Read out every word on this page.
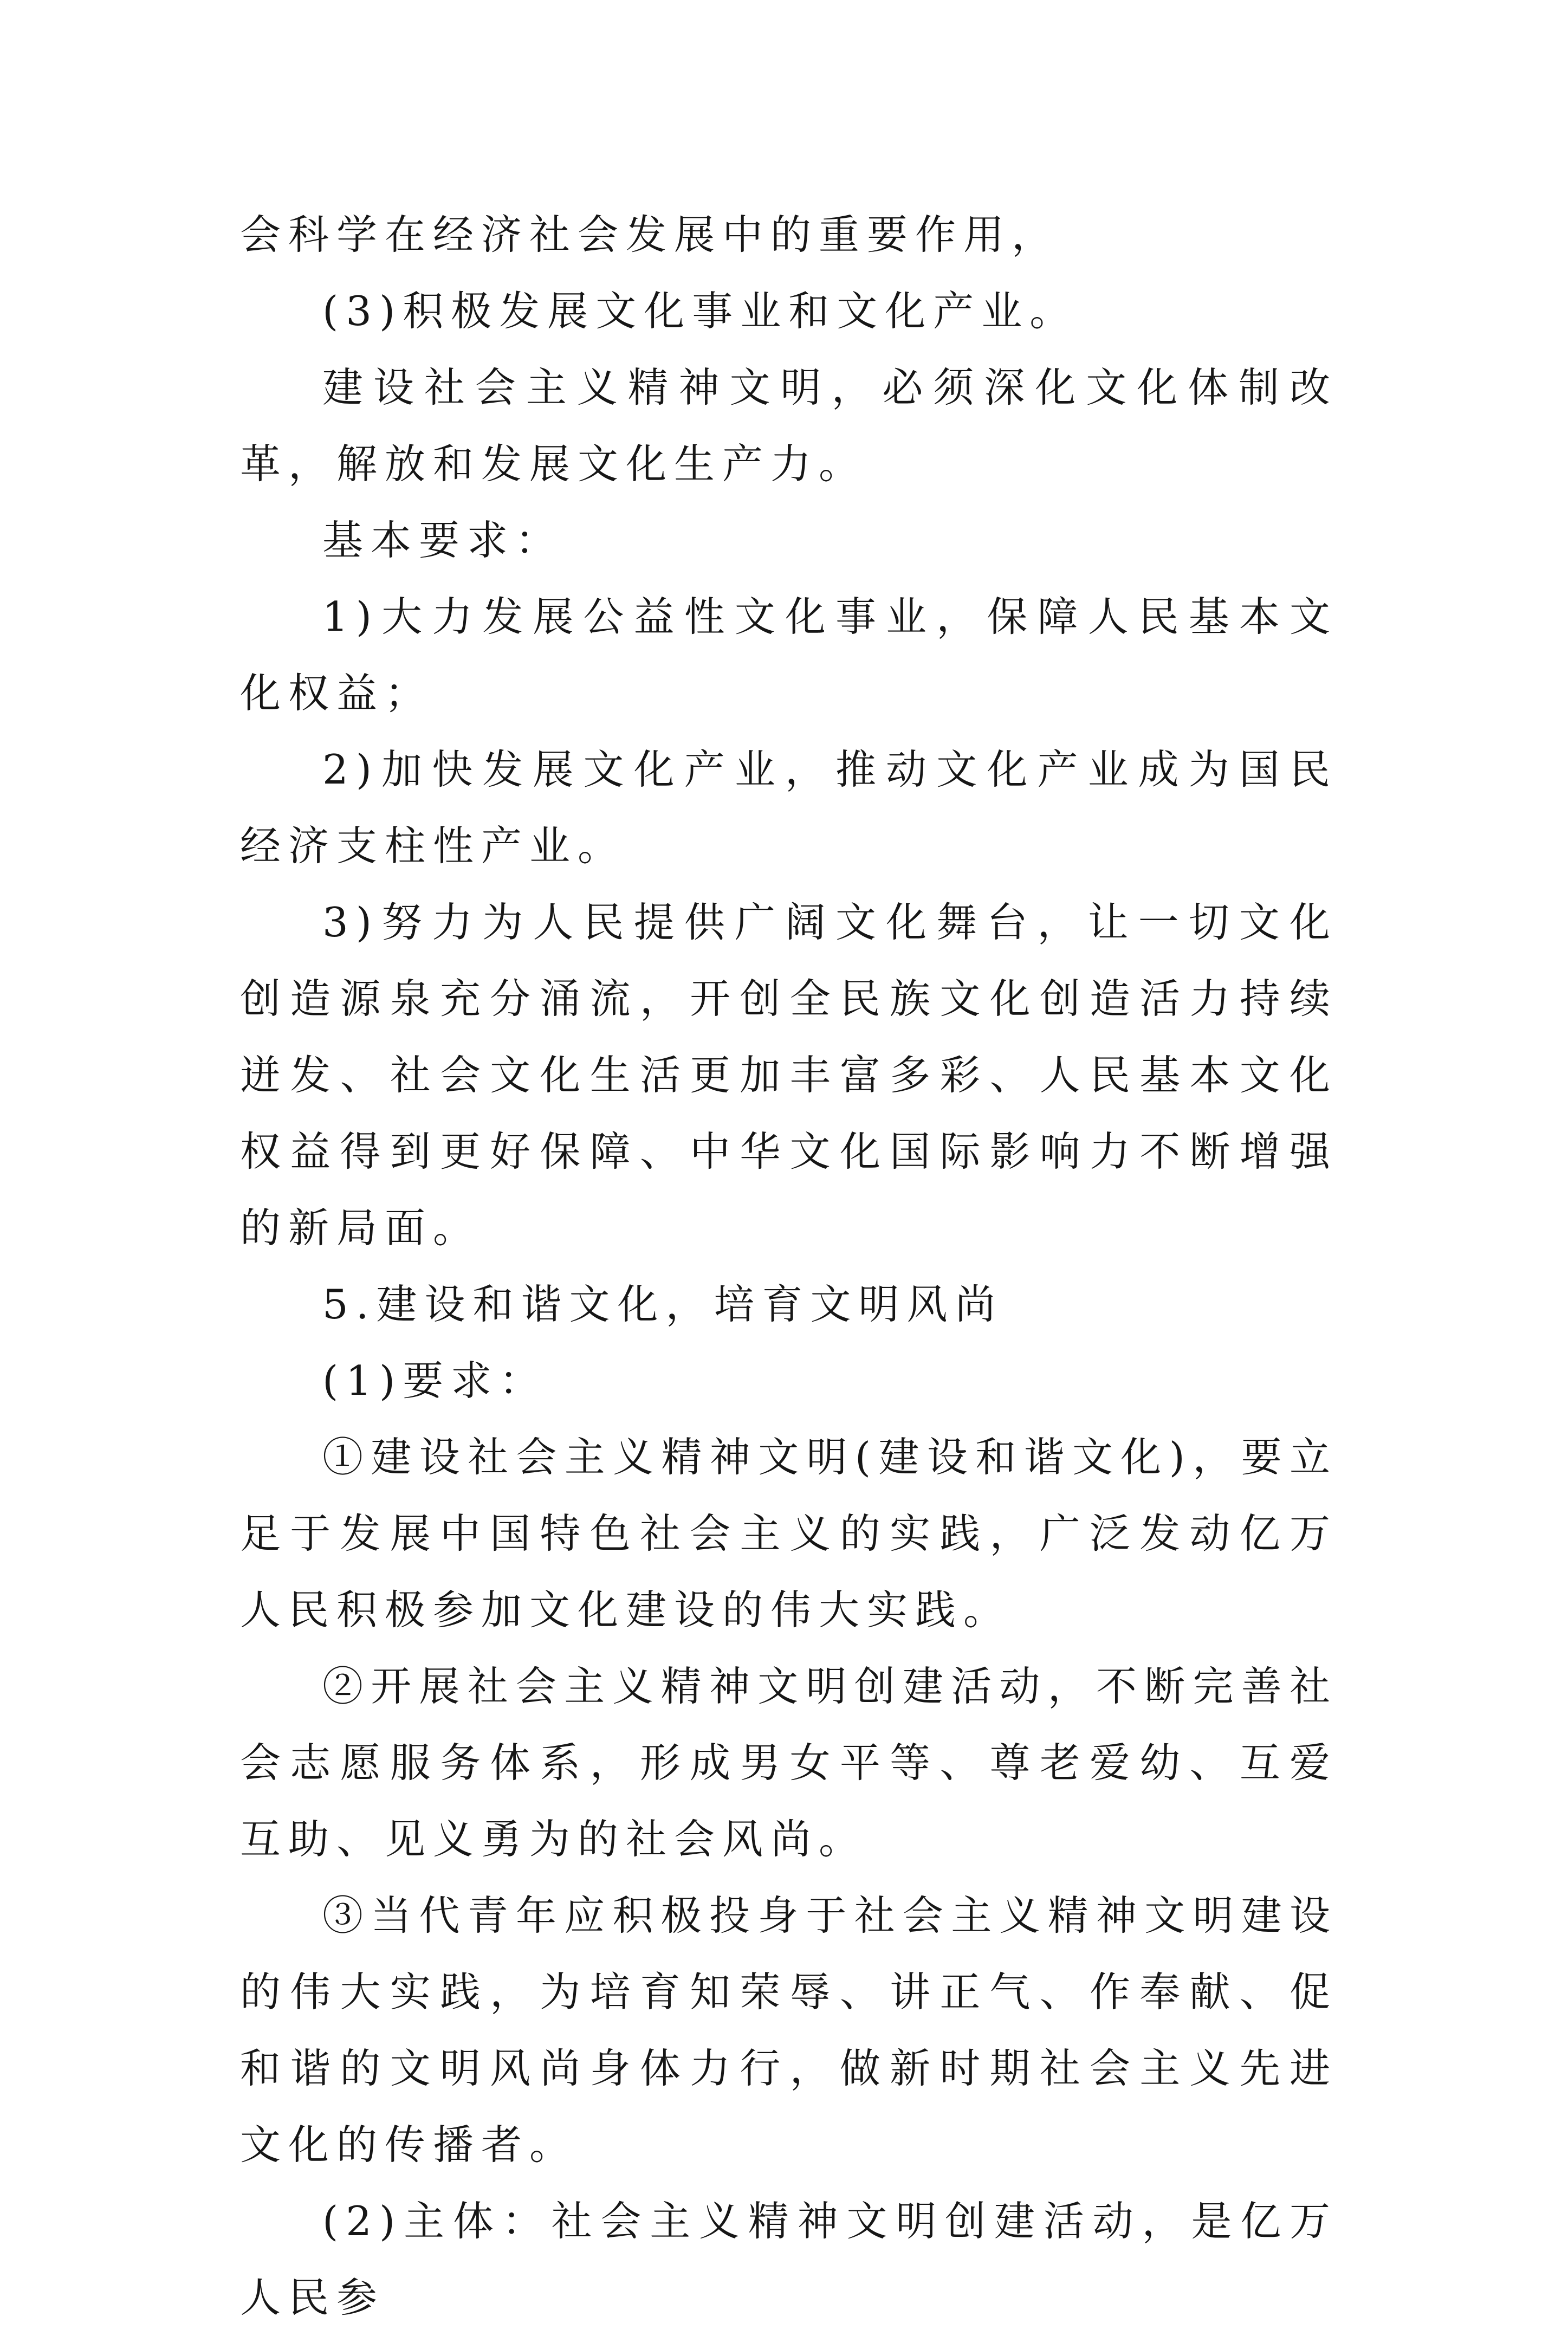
会科学在经济社会发展中的重要作用，

(3)积极发展文化事业和文化产业。

建设社会主义精神文明，必须深化文化体制改革，解放和发展文化生产力。

基本要求：

1)大力发展公益性文化事业，保障人民基本文化权益；

2)加快发展文化产业，推动文化产业成为国民经济支柱性产业。

3)努力为人民提供广阔文化舞台，让一切文化创造源泉充分涌流，开创全民族文化创造活力持续迸发、社会文化生活更加丰富多彩、人民基本文化权益得到更好保障、中华文化国际影响力不断增强的新局面。

5.建设和谐文化，培育文明风尚

(1)要求：

①建设社会主义精神文明(建设和谐文化)，要立足于发展中国特色社会主义的实践，广泛发动亿万人民积极参加文化建设的伟大实践。

②开展社会主义精神文明创建活动，不断完善社会志愿服务体系，形成男女平等、尊老爱幼、互爱互助、见义勇为的社会风尚。

③当代青年应积极投身于社会主义精神文明建设的伟大实践，为培育知荣辱、讲正气、作奉献、促和谐的文明风尚身体力行，做新时期社会主义先进文化的传播者。

(2)主体：社会主义精神文明创建活动，是亿万人民参
